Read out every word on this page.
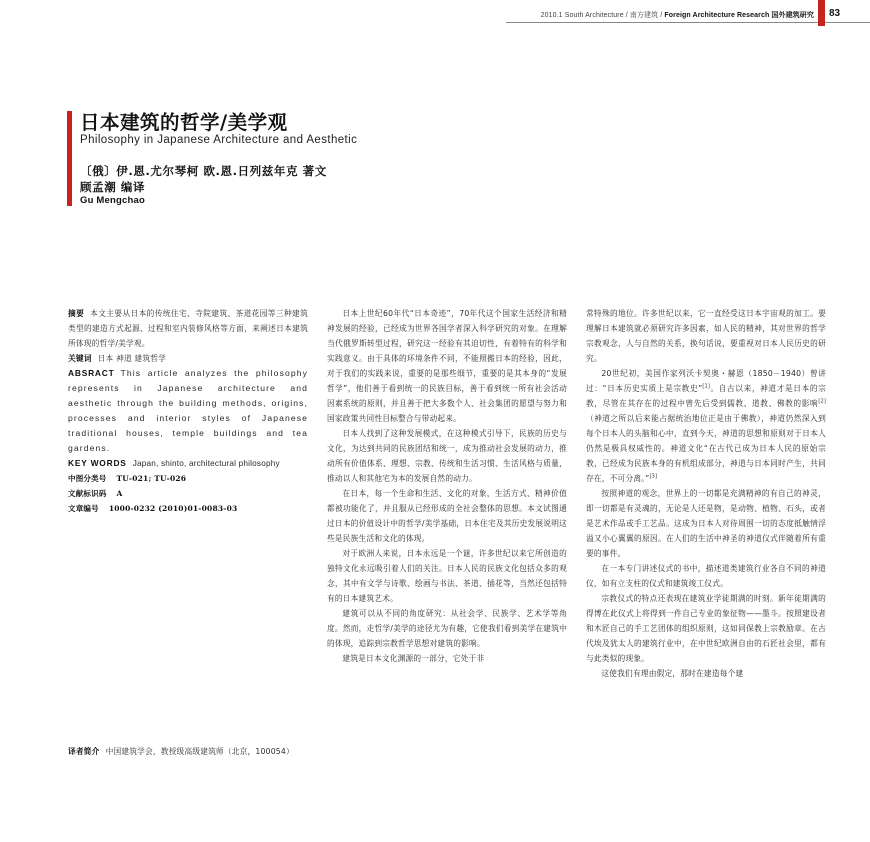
2010.1 South Architecture / 南方建筑 / Foreign Architecture Research 国外建筑研究 83
日本建筑的哲学/美学观
Philosophy in Japanese Architecture and Aesthetic
〔俄〕伊.恩.尤尔琴柯 欧.恩.日列兹年克 著文
顾孟潮 编译
Gu Mengchao

摘要 本文主要从日本的传统住宅、寺院建筑、茶道花园等三种建筑类型的建造方式起源、过程和室内装修风格等方面，来阐述日本建筑所体现的哲学/美学观。

关键词 日本 神道 建筑哲学

ABSRACT This article analyzes the philosophy represents in Japanese architecture and aesthetic through the building methods, origins, processes and interior styles of Japanese traditional houses, temple buildings and tea gardens.

KEY WORDS Japan, shinto, architectural philosophy

中图分类号 TU-021; TU-026
文献标识码 A
文章编号 1000-0232 (2010)01-0083-03
译者简介 中国建筑学会，教授级高级建筑师（北京，100054）

日本上世纪60年代“日本奇迹”，70年代这个国家生活经济和精神发展的经验，已经成为世界各国学者深入科学研究的对象。在理解当代俄罗斯转型过程，研究这一经验有其迫切性，有着特有的科学和实践意义。由于具体的环境条件不同，不能照搬日本的经验，因此，对于我们的实践来说，重要的是那些细节，重要的是其本身的“发展哲学”，他们善于看到统一的民族目标，善于看到统一所有社会活动因素系统的原则，并且善于把大多数个人、社会集团的愿望与努力和国家政策共同性目标整合与带动起来。

日本人找到了这种发展模式，在这种模式引导下，民族的历史与文化，为达到共同的民族团结和统一，成为推动社会发展的动力，推动所有价值体系、理想、宗教、传统和生活习惯、生活风格与质量，推动以人和其他宅为本的发展自然的动力。

在日本，每一个生命和生活、文化的对象，生活方式、精神价值都被功能化了，并且服从已经形成的全社会整体的思想。本文试图通过日本的价值设计中的哲学/美学基础，日本住宅及其历史发展说明这些是民族生活和文化的体现。

对于欧洲人来说，日本永远是一个谜，许多世纪以来它所创造的独特文化永远吸引着人们的关注。日本人民的民族文化包括众多的观念，其中有文学与诗歌、绘画与书法、茶道、插花等，当然还包括特有的日本建筑艺术。

建筑可以从不同的角度研究：从社会学、民族学、艺术学等角度。然而，走哲学/美学的途径尤为有趣，它使我们看到美学在建筑中的体现，追踪到宗教哲学思想对建筑的影响。

建筑是日本文化渊源的一部分，它处于非

常特殊的地位。许多世纪以来，它一直经受这日本宇宙观的加工。要理解日本建筑就必须研究许多因素，如人民的精神，其对世界的哲学宗教观念，人与自然的关系，换句话说，要重视对日本人民历史的研究。

20世纪初，美国作家列沃卡契奥・赫恩（1850－1940）曾讲过：“日本历史实质上是宗教史”[1]。自古以来，神道才是日本的宗教，尽管在其存在的过程中曾先后受到儒教、道教、佛教的影响[2]（神道之所以后来能占据统治地位正是由于佛教），神道仍然深入到每个日本人的头脑和心中，直到今天，神道的思想和原则对于日本人仍然是极具权威性的。神道文化“在古代已成为日本人民的原始宗教，已经成为民族本身的有机组成部分，神道与日本同时产生，共同存在，不可分离。”[3]

按照神道的观念，世界上的一切都是充满精神的有自己的神灵，即一切都是有灵魂的，无论是人还是物，是动物、植物、石头，或者是艺术作品或手工艺品。这成为日本人对待周围一切的态度抵触情浮溢又小心翼翼的原因。在人们的生活中神圣的神道仪式伴随着所有重要的事件。

在一本专门讲述仪式的书中，描述道类建筑行业各自不同的神道仪，如有立支柱的仪式和建筑竣工仪式。

宗教仪式的特点还表现在建筑业学徒期满的时刻。新年徒期满的得博在此仪式上将得到一件自己专业的象征物——墨斗。按照建设者和木匠自己的手工艺团体的组织原则，这如同保教上宗教励章。在古代埃及犹太人的建筑行业中，在中世纪欧洲自由的石匠社会里，都有与此类似的现象。

这使我们有理由假定，那时在建造每个建
